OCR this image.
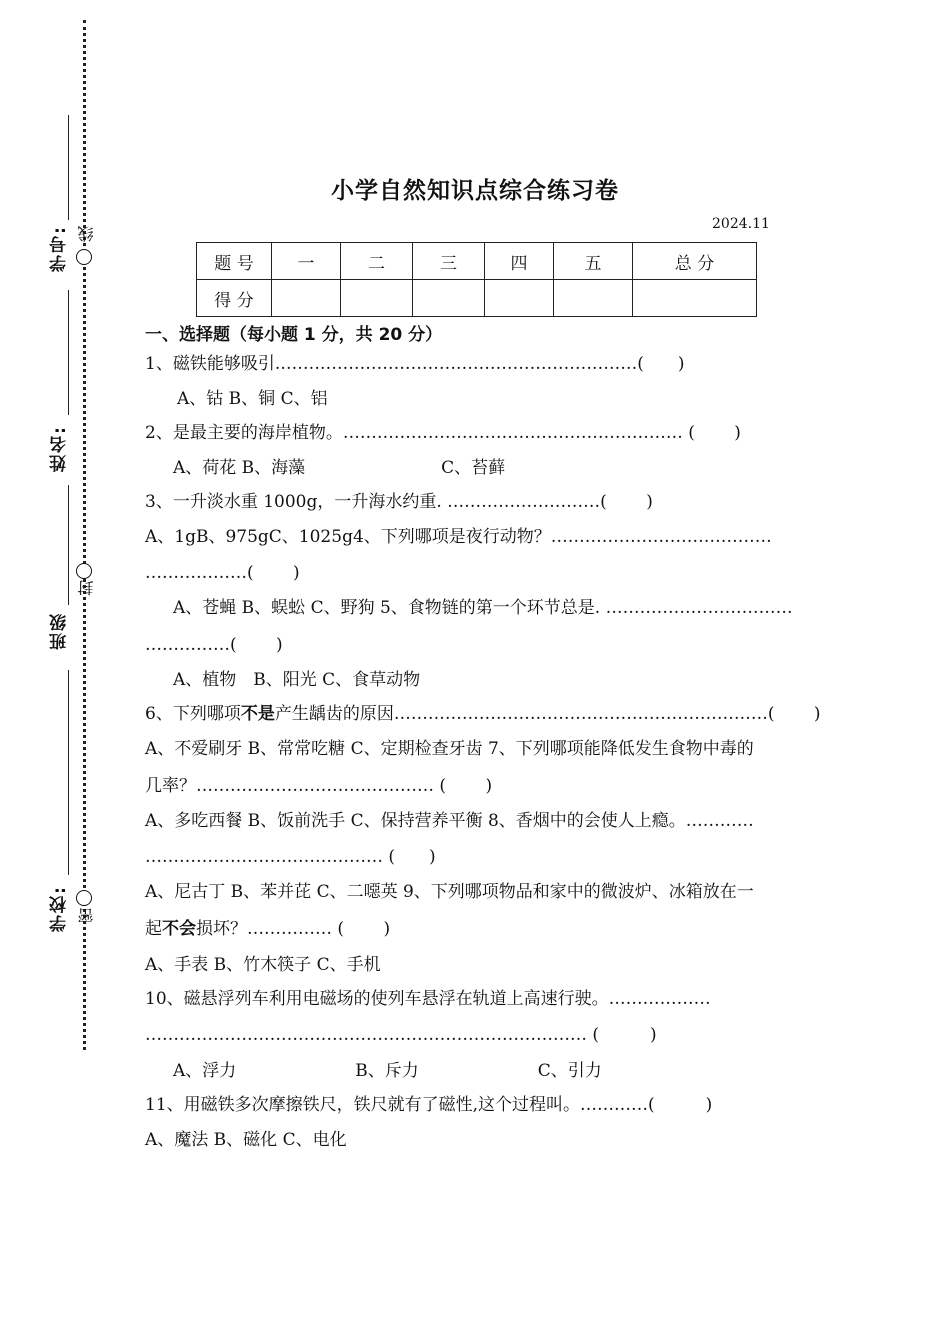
学号:
姓名:
班级
学校:
线
封
密
小学自然知识点综合练习卷
2024.11
题 号	一	二	三	四	五	总 分
得 分						
一、选择题（每小题 1 分，共 20 分）
1、磁铁能够吸引.………………………………………………………(　　)
A、钴 B、铜 C、铝
2、是最主要的海岸植物。…………………………………………………… (　　 )
A、荷花 B、海藻　　　　　　　　C、苔藓
3、一升淡水重 1000g，一升海水约重. ………………………(　　 )
A、1gB、975gC、1025g4、下列哪项是夜行动物？…………………………………
………………(　　 )
A、苍蝇 B、蜈蚣 C、野狗 5、食物链的第一个环节总是. ……………………………
……………(　　 )
A、植物　B、阳光 C、食草动物
6、下列哪项不是产生龋齿的原因…………………………………………………………(　　 )
A、不爱刷牙 B、常常吃糖 C、定期检查牙齿 7、下列哪项能降低发生食物中毒的
几率？…………………………………… (　　 )
A、多吃西餐 B、饭前洗手 C、保持营养平衡 8、香烟中的会使人上瘾。…………
…………………………………… (　　)
A、尼古丁 B、苯并芘 C、二噁英 9、下列哪项物品和家中的微波炉、冰箱放在一
起不会损坏？…………… (　　 )
A、手表 B、竹木筷子 C、手机
10、磁悬浮列车利用电磁场的使列车悬浮在轨道上高速行驶。………………
…………………………………………………………………… (　　　)
A、浮力　　　　　　　B、斥力　　　　　　　C、引力
11、用磁铁多次摩擦铁尺，铁尺就有了磁性,这个过程叫。…………(　　　)
A、魔法 B、磁化 C、电化
